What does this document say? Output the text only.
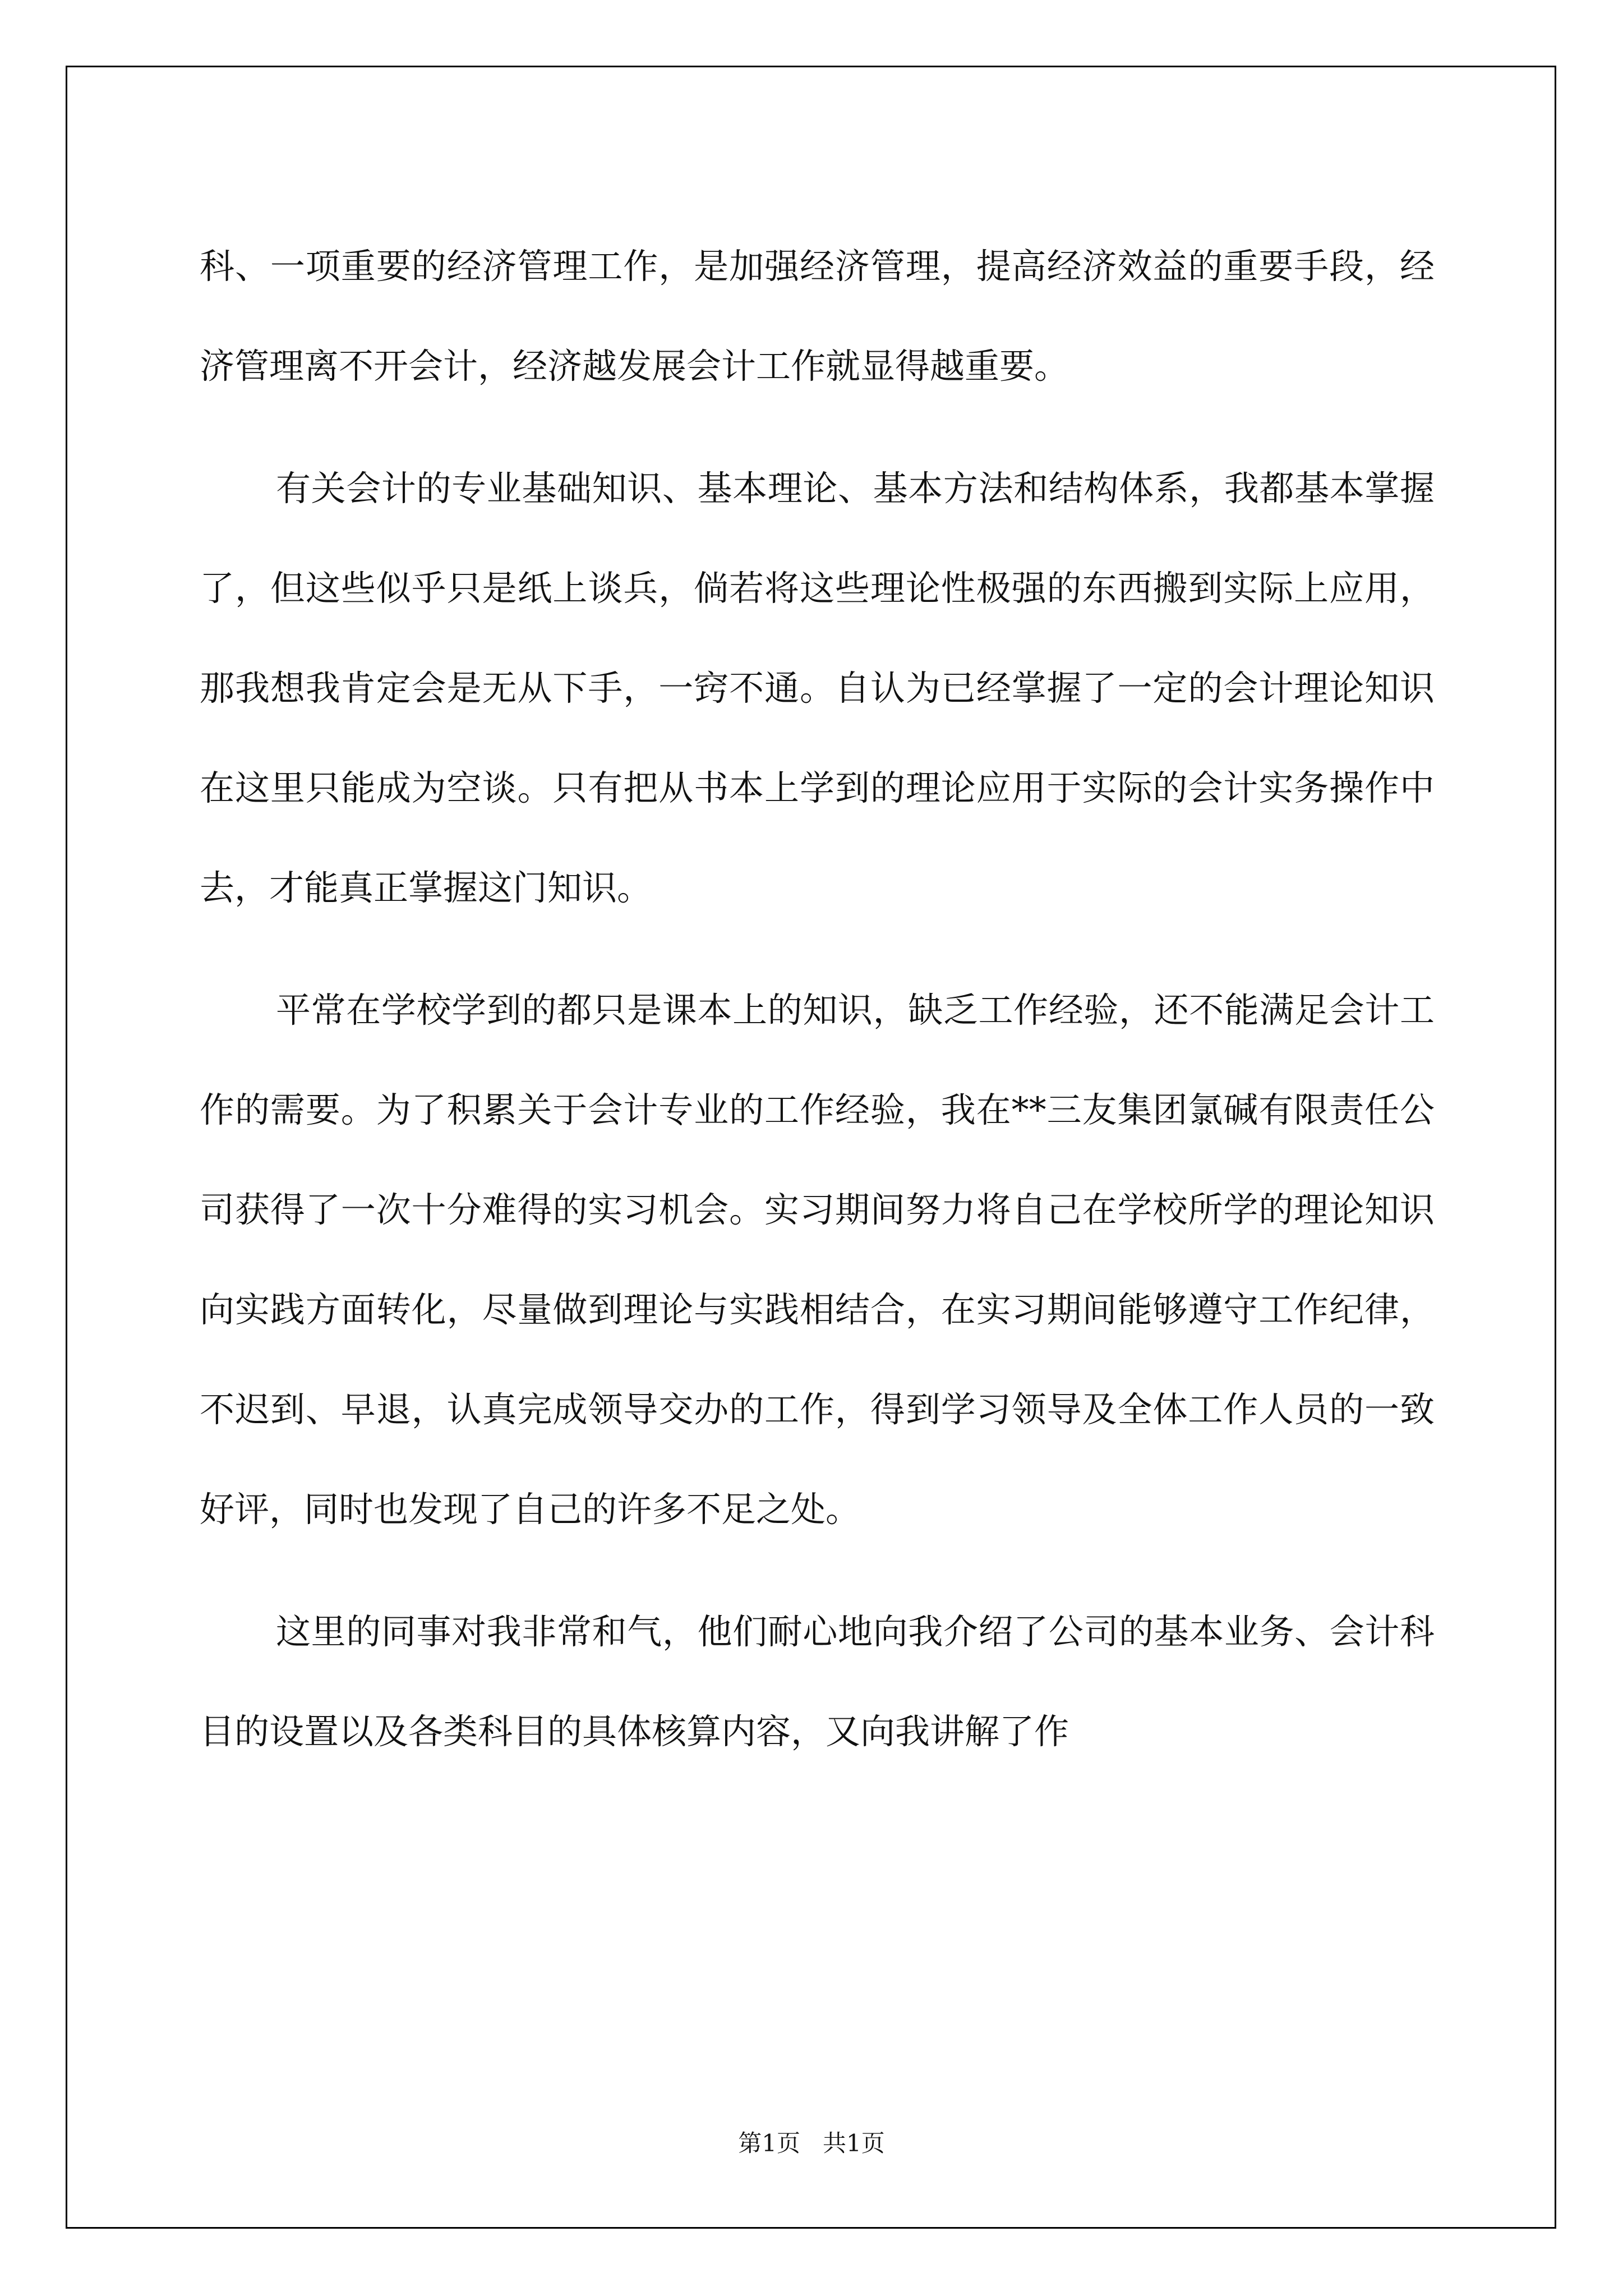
科、一项重要的经济管理工作，是加强经济管理，提高经济效益的重要手段，经济管理离不开会计，经济越发展会计工作就显得越重要。

有关会计的专业基础知识、基本理论、基本方法和结构体系，我都基本掌握了，但这些似乎只是纸上谈兵，倘若将这些理论性极强的东西搬到实际上应用，那我想我肯定会是无从下手，一窍不通。自认为已经掌握了一定的会计理论知识在这里只能成为空谈。只有把从书本上学到的理论应用于实际的会计实务操作中去，才能真正掌握这门知识。

平常在学校学到的都只是课本上的知识，缺乏工作经验，还不能满足会计工作的需要。为了积累关于会计专业的工作经验，我在**三友集团氯碱有限责任公司获得了一次十分难得的实习机会。实习期间努力将自己在学校所学的理论知识向实践方面转化，尽量做到理论与实践相结合，在实习期间能够遵守工作纪律，不迟到、早退，认真完成领导交办的工作，得到学习领导及全体工作人员的一致好评，同时也发现了自己的许多不足之处。

这里的同事对我非常和气，他们耐心地向我介绍了公司的基本业务、会计科目的设置以及各类科目的具体核算内容，又向我讲解了作

第1页 共1页
